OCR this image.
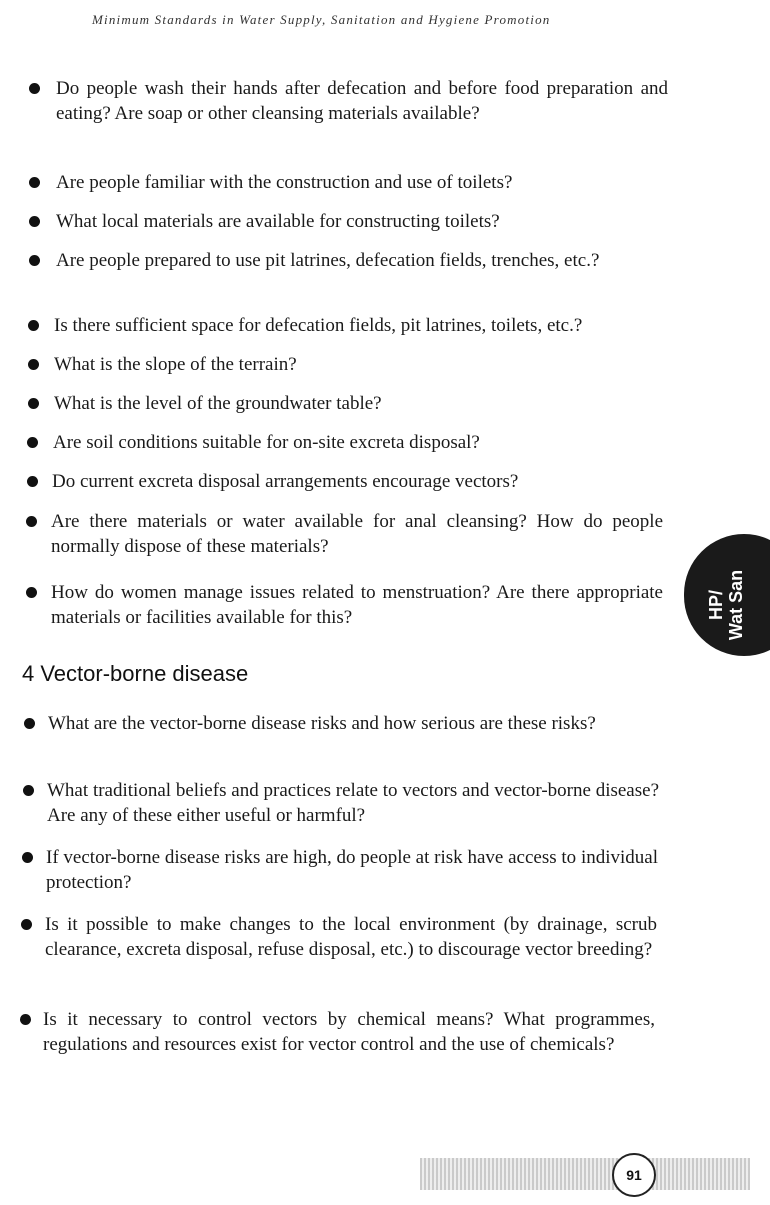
Minimum Standards in Water Supply, Sanitation and Hygiene Promotion
Do people wash their hands after defecation and before food preparation and eating? Are soap or other cleansing materials available?
Are people familiar with the construction and use of toilets?
What local materials are available for constructing toilets?
Are people prepared to use pit latrines, defecation fields, trenches, etc.?
Is there sufficient space for defecation fields, pit latrines, toilets, etc.?
What is the slope of the terrain?
What is the level of the groundwater table?
Are soil conditions suitable for on-site excreta disposal?
Do current excreta disposal arrangements encourage vectors?
Are there materials or water available for anal cleansing? How do people normally dispose of these materials?
How do women manage issues related to menstruation? Are there appropriate materials or facilities available for this?
4 Vector-borne disease
What are the vector-borne disease risks and how serious are these risks?
What traditional beliefs and practices relate to vectors and vector-borne disease? Are any of these either useful or harmful?
If vector-borne disease risks are high, do people at risk have access to individual protection?
Is it possible to make changes to the local environment (by drainage, scrub clearance, excreta disposal, refuse disposal, etc.) to discourage vector breeding?
Is it necessary to control vectors by chemical means? What programmes, regulations and resources exist for vector control and the use of chemicals?
HP/ Wat San
91
